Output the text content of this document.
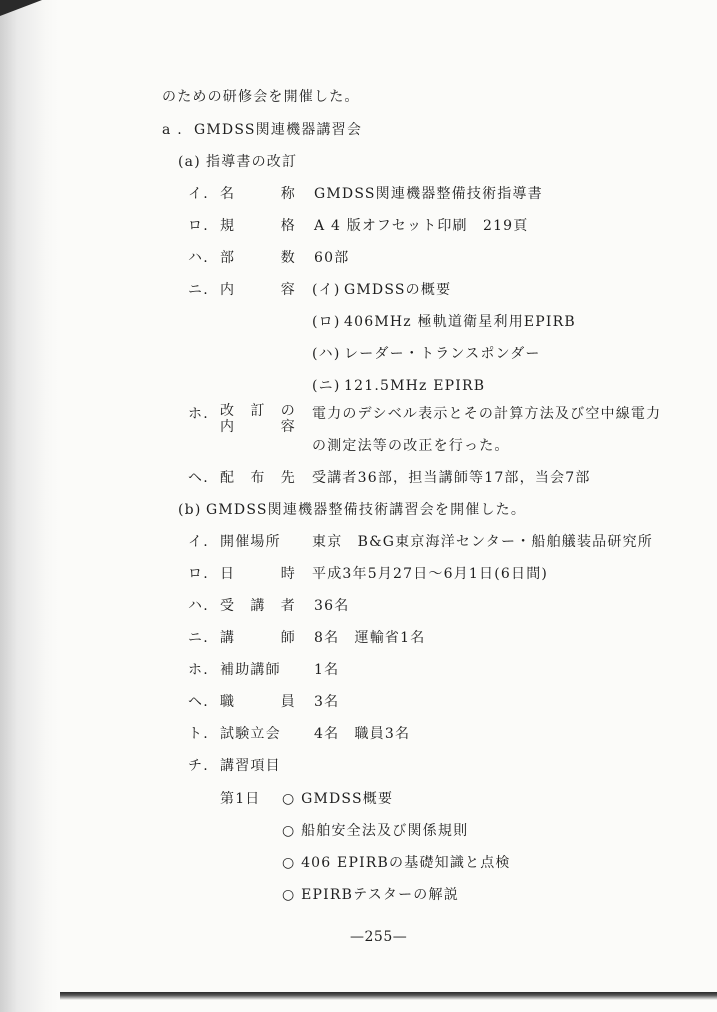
のための研修会を開催した。
a . GMDSS関連機器講習会
(a) 指導書の改訂
イ. 名　　　称 GMDSS関連機器整備技術指導書
ロ. 規　　　格 A 4 版オフセット印刷　219頁
ハ. 部　　　数 60部
ニ. 内　　　容 (イ) GMDSSの概要
(ロ) 406MHz 極軌道衛星利用EPIRB
(ハ) レーダー・トランスポンダー
(ニ) 121.5MHz EPIRB
ホ. 改　訂　の
内　　　容
電力のデシベル表示とその計算方法及び空中線電力
の測定法等の改正を行った。
ヘ. 配　布　先 受講者36部，担当講師等17部，当会7部
(b) GMDSS関連機器整備技術講習会を開催した。
イ. 開催場所 東京　B&G東京海洋センター・船舶艤装品研究所
ロ. 日　　　時 平成3年5月27日～6月1日(6日間)
ハ. 受　講　者 36名
ニ. 講　　　師 8名　運輸省1名
ホ. 補助講師 1名
ヘ. 職　　　員 3名
ト. 試験立会 4名　職員3名
チ. 講習項目
第1日 ○ GMDSS概要
○ 船舶安全法及び関係規則
○ 406 EPIRBの基礎知識と点検
○ EPIRBテスターの解説
—255—
